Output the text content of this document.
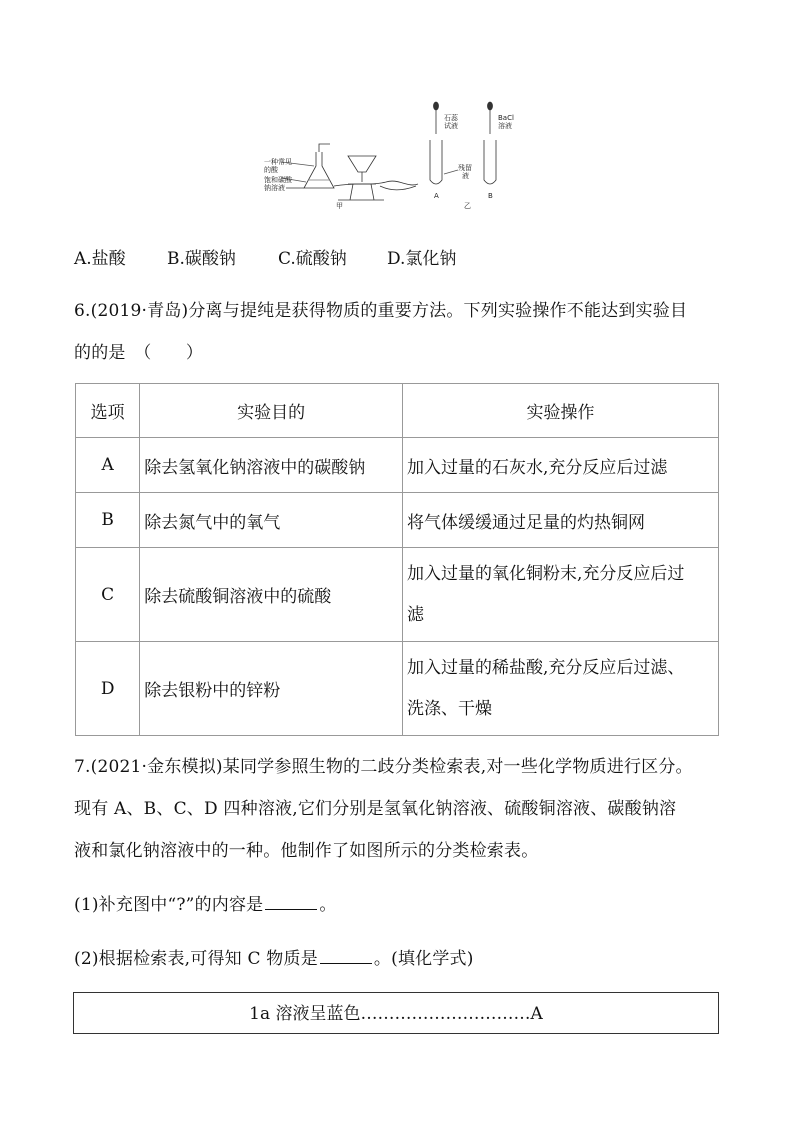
一种常见
的酸
饱和碳酸
钠溶液
石蕊
试液
BaCl
溶液
残留
液
甲	乙
A	B
A.盐酸	B.碳酸钠	C.硫酸钠	D.氯化钠
6.(2019·青岛)分离与提纯是获得物质的重要方法。下列实验操作不能达到实验目
的的是　（　　）
选项	实验目的	实验操作
A	除去氢氧化钠溶液中的碳酸钠	加入过量的石灰水,充分反应后过滤
B	除去氮气中的氧气	将气体缓缓通过足量的灼热铜网
C	除去硫酸铜溶液中的硫酸	加入过量的氧化铜粉末,充分反应后过
滤

D	除去银粉中的锌粉	加入过量的稀盐酸,充分反应后过滤、
洗涤、干燥
7.(2021·金东模拟)某同学参照生物的二歧分类检索表,对一些化学物质进行区分。
现有 A、B、C、D 四种溶液,它们分别是氢氧化钠溶液、硫酸铜溶液、碳酸钠溶
液和氯化钠溶液中的一种。他制作了如图所示的分类检索表。
(1)补充图中“?”的内容是	。
(2)根据检索表,可得知 C 物质是	。(填化学式)
1a 溶液呈蓝色…………………………A
